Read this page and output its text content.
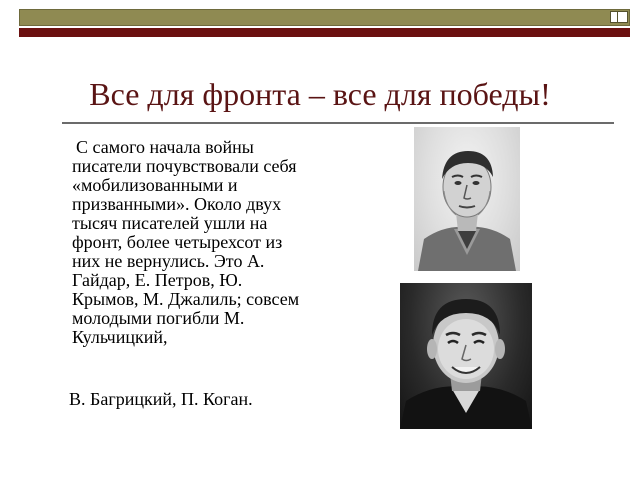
Все для фронта – все для победы!

С самого начала войны писатели почувствовали себя «мобилизованными и призванными». Около двух тысяч писателей ушли на фронт, более четырехсот из них не вернулись. Это А. Гайдар, Е. Петров, Ю. Крымов, М. Джалиль; совсем молодыми погибли М. Кульчицкий,

В. Багрицкий, П. Коган.
